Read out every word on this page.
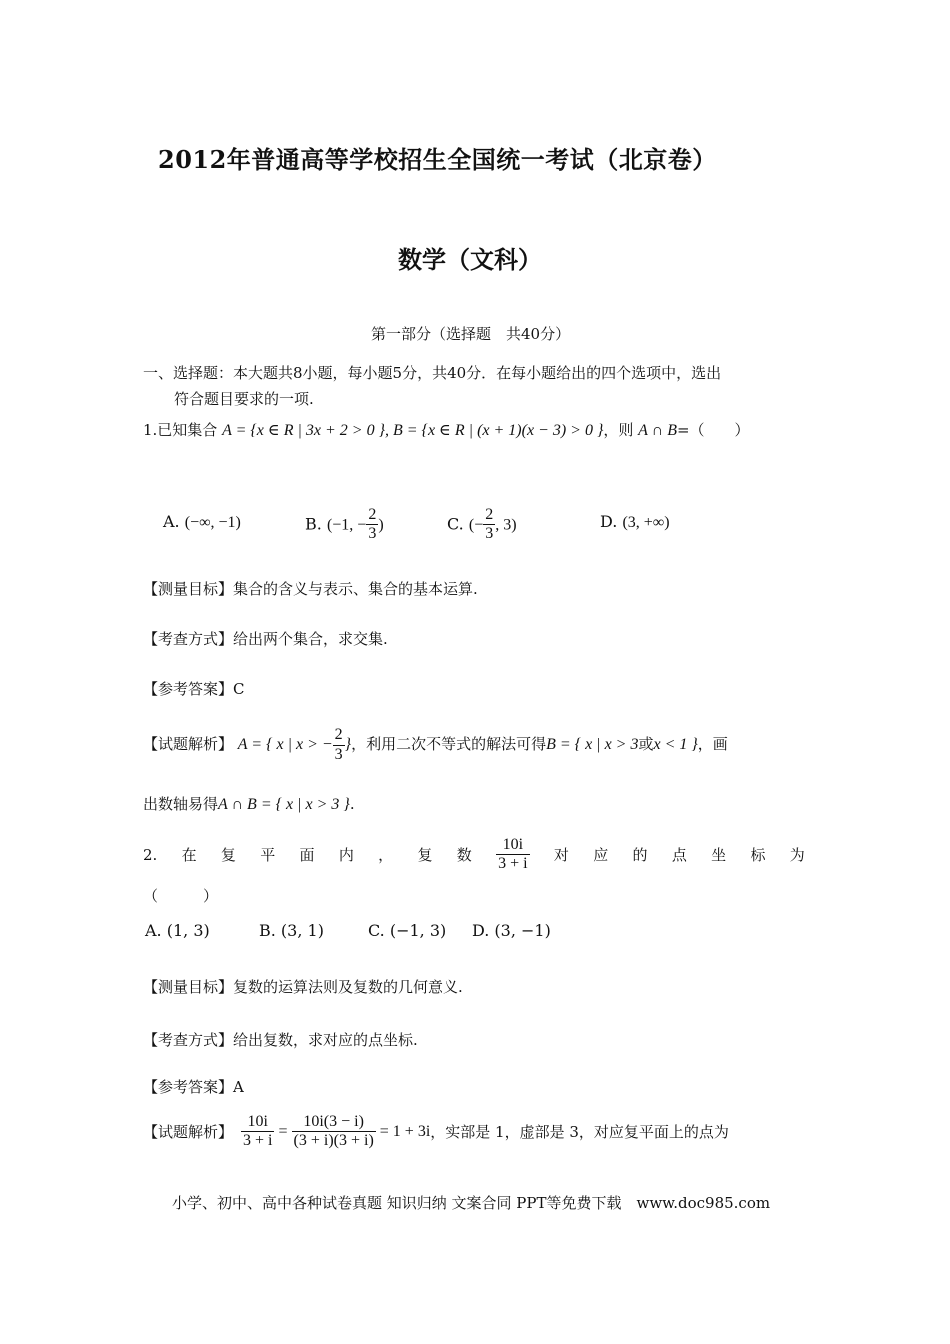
2012年普通高等学校招生全国统一考试（北京卷）
数学（文科）
第一部分（选择题　共40分）
一、选择题：本大题共8小题，每小题5分，共40分．在每小题给出的四个选项中，选出
符合题目要求的一项.
1.已知集合 A = {x ∈ R | 3x + 2 > 0 }, B = {x ∈ R | (x + 1)(x − 3) > 0 }，则 A ∩ B=（　　）
A. (−∞, −1)	B. (−1, − $\frac{2}{3}$ )	C. (− $\frac{2}{3}$ , 3)	D. (3, +∞)
【测量目标】集合的含义与表示、集合的基本运算.
【考查方式】给出两个集合，求交集.
【参考答案】C
【试题解析】 A = { x | x > − $\frac{2}{3}$ }，利用二次不等式的解法可得B = { x | x > 3或x < 1 }，画
出数轴易得A ∩ B = { x | x > 3 }.
2. 在 复 平 面 内 ， 复 数 $\frac{10i}{3 + i}$ 对 应 的 点 坐 标 为
（　　　）
A. (1, 3)	B. (3, 1)	C. (−1, 3) D. (3, −1)
【测量目标】复数的运算法则及复数的几何意义.
【考查方式】给出复数，求对应的点坐标.
【参考答案】A
【试题解析】 $\frac{10i}{3 + i} = \frac{10i(3 - i)}{(3 + i)(3 + i)} = 1 + 3i$ ，实部是 1，虚部是 3，对应复平面上的点为
小学、初中、高中各种试卷真题 知识归纳 文案合同 PPT等免费下载　www.doc985.com
